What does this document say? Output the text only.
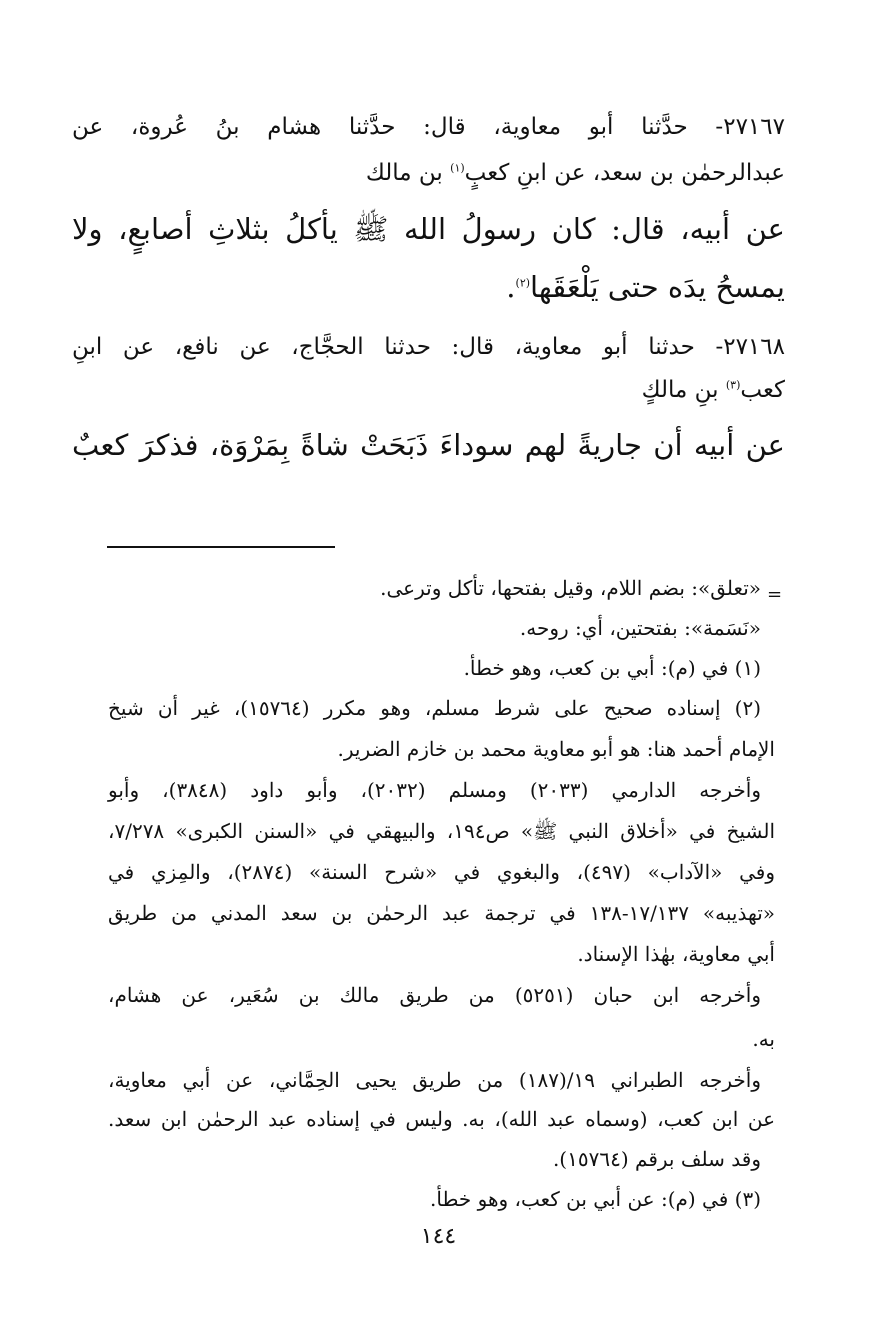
٢٧١٦٧- حدَّثنا أبو معاوية، قال: حدَّثنا هشام بنُ عُروة، عن
عبدالرحمٰن بن سعد، عن ابنِ كعبٍ$^{(١)}$ بن مالك
عن أبيه، قال: كان رسولُ الله ﷺ يأكلُ بثلاثِ أصابعٍ، ولا
يمسحُ يدَه حتى يَلْعَقَها$^{(٢)}$.
٢٧١٦٨- حدثنا أبو معاوية، قال: حدثنا الحجَّاج، عن نافع، عن ابنِ
كعب$^{(٣)}$ بنِ مالكٍ
عن أبيه أن جاريةً لهم سوداءَ ذَبَحَتْ شاةً بِمَرْوَة، فذكرَ كعبٌ
=
«تعلق»: بضم اللام، وقيل بفتحها، تأكل وترعى.
«نَسَمة»: بفتحتين، أي: روحه.
(١) في (م): أبي بن كعب، وهو خطأ.
(٢) إسناده صحيح على شرط مسلم، وهو مكرر (١٥٧٦٤)، غير أن شيخ
الإمام أحمد هنا: هو أبو معاوية محمد بن خازم الضرير.
وأخرجه الدارمي (٢٠٣٣) ومسلم (٢٠٣٢)، وأبو داود (٣٨٤٨)، وأبو
الشيخ في «أخلاق النبي ﷺ» ص١٩٤، والبيهقي في «السنن الكبرى» ٧/٢٧٨،
وفي «الآداب» (٤٩٧)، والبغوي في «شرح السنة» (٢٨٧٤)، والمِزي في
«تهذيبه» ١٧/١٣٧-١٣٨ في ترجمة عبد الرحمٰن بن سعد المدني من طريق
أبي معاوية، بهٰذا الإسناد.
وأخرجه ابن حبان (٥٢٥١) من طريق مالك بن سُعَير، عن هشام،
به.
وأخرجه الطبراني ١٩/(١٨٧) من طريق يحيى الحِمَّاني، عن أبي معاوية،
عن ابن كعب، (وسماه عبد الله)، به. وليس في إسناده عبد الرحمٰن ابن سعد.
وقد سلف برقم (١٥٧٦٤).
(٣) في (م): عن أبي بن كعب، وهو خطأ.
١٤٤
